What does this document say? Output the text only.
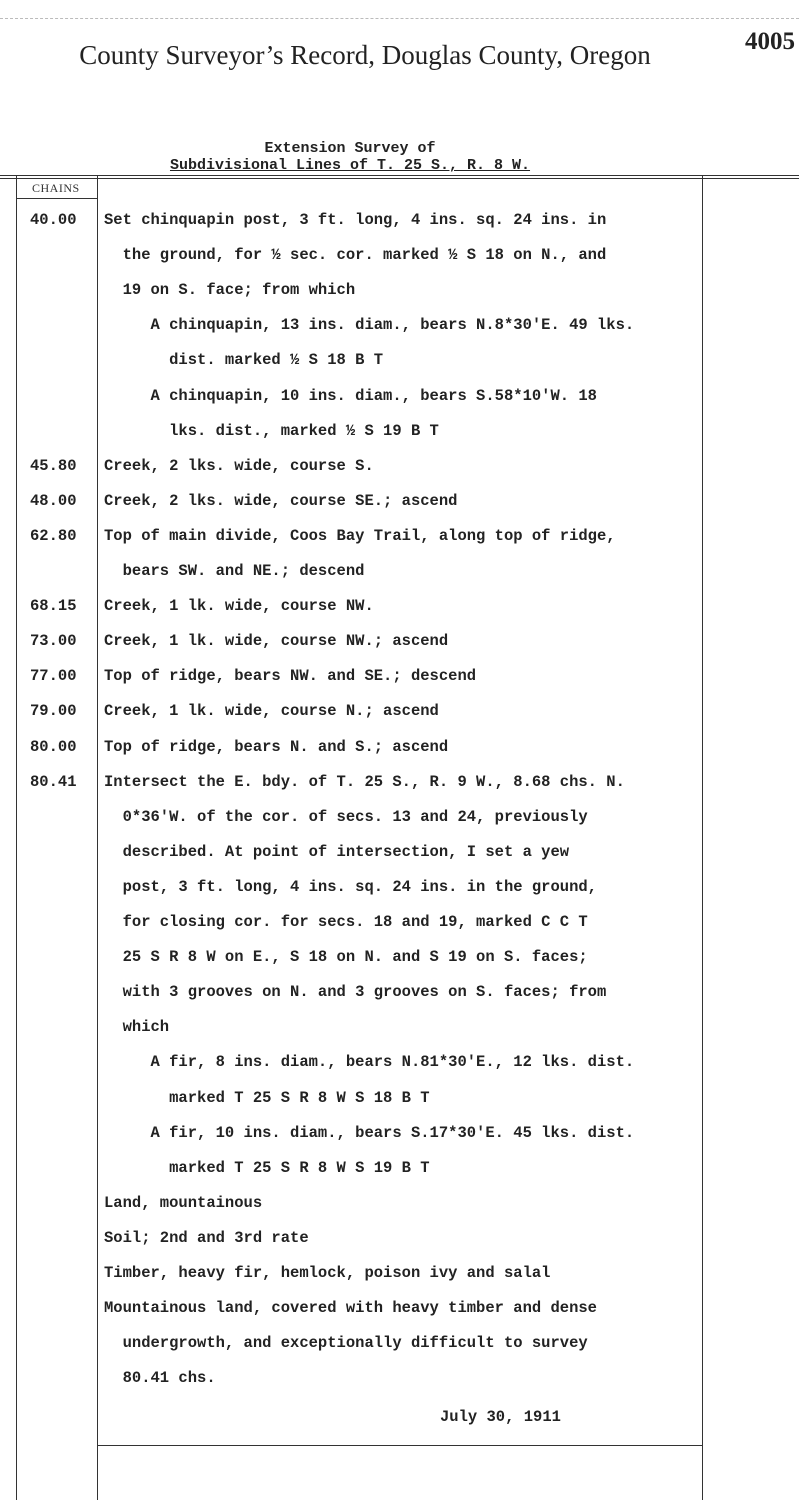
County Surveyor’s Record, Douglas County, Oregon	4005
Extension Survey of
Subdivisional Lines of T. 25 S., R. 8 W.
CHAINS
40.00 Set chinquapin post, 3 ft. long, 4 ins. sq. 24 ins. in
the ground, for ½ sec. cor. marked ½ S 18 on N., and
19 on S. face; from which
A chinquapin, 13 ins. diam., bears N.8*30'E. 49 lks.
dist. marked ½ S 18 B T
A chinquapin, 10 ins. diam., bears S.58*10'W. 18
lks. dist., marked ½ S 19 B T
45.80 Creek, 2 lks. wide, course S.
48.00 Creek, 2 lks. wide, course SE.; ascend
62.80 Top of main divide, Coos Bay Trail, along top of ridge,
bears SW. and NE.; descend
68.15 Creek, 1 lk. wide, course NW.
73.00 Creek, 1 lk. wide, course NW.; ascend
77.00 Top of ridge, bears NW. and SE.; descend
79.00 Creek, 1 lk. wide, course N.; ascend
80.00 Top of ridge, bears N. and S.; ascend
80.41 Intersect the E. bdy. of T. 25 S., R. 9 W., 8.68 chs. N.
0*36'W. of the cor. of secs. 13 and 24, previously
described. At point of intersection, I set a yew
post, 3 ft. long, 4 ins. sq. 24 ins. in the ground,
for closing cor. for secs. 18 and 19, marked C C T
25 S R 8 W on E., S 18 on N. and S 19 on S. faces;
with 3 grooves on N. and 3 grooves on S. faces; from
which
A fir, 8 ins. diam., bears N.81*30'E., 12 lks. dist.
marked T 25 S R 8 W S 18 B T
A fir, 10 ins. diam., bears S.17*30'E. 45 lks. dist.
marked T 25 S R 8 W S 19 B T
Land, mountainous
Soil; 2nd and 3rd rate
Timber, heavy fir, hemlock, poison ivy and salal
Mountainous land, covered with heavy timber and dense
undergrowth, and exceptionally difficult to survey
80.41 chs.
July 30, 1911
